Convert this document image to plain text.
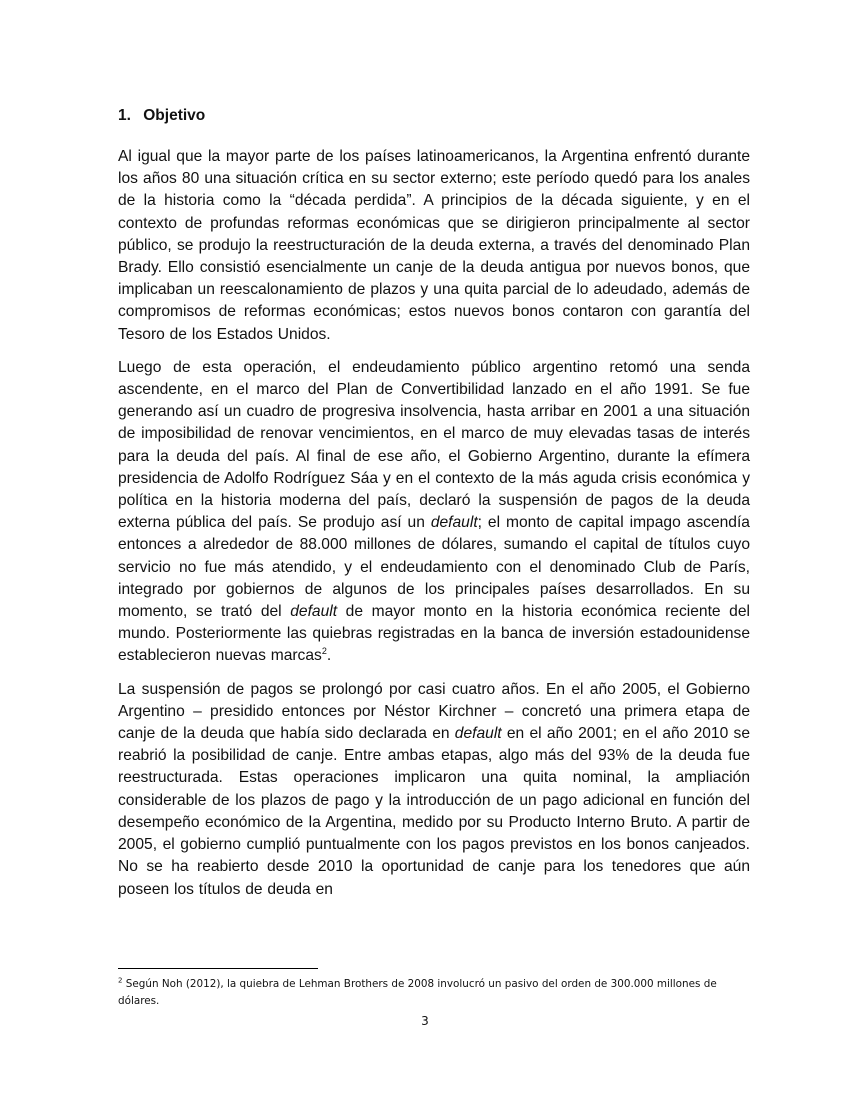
1. Objetivo

Al igual que la mayor parte de los países latinoamericanos, la Argentina enfrentó durante los años 80 una situación crítica en su sector externo; este período quedó para los anales de la historia como la “década perdida”. A principios de la década siguiente, y en el contexto de profundas reformas económicas que se dirigieron principalmente al sector público, se produjo la reestructuración de la deuda externa, a través del denominado Plan Brady. Ello consistió esencialmente un canje de la deuda antigua por nuevos bonos, que implicaban un reescalonamiento de plazos y una quita parcial de lo adeudado, además de compromisos de reformas económicas; estos nuevos bonos contaron con garantía del Tesoro de los Estados Unidos.

Luego de esta operación, el endeudamiento público argentino retomó una senda ascendente, en el marco del Plan de Convertibilidad lanzado en el año 1991. Se fue generando así un cuadro de progresiva insolvencia, hasta arribar en 2001 a una situación de imposibilidad de renovar vencimientos, en el marco de muy elevadas tasas de interés para la deuda del país. Al final de ese año, el Gobierno Argentino, durante la efímera presidencia de Adolfo Rodríguez Sáa y en el contexto de la más aguda crisis económica y política en la historia moderna del país, declaró la suspensión de pagos de la deuda externa pública del país. Se produjo así un default; el monto de capital impago ascendía entonces a alrededor de 88.000 millones de dólares, sumando el capital de títulos cuyo servicio no fue más atendido, y el endeudamiento con el denominado Club de París, integrado por gobiernos de algunos de los principales países desarrollados. En su momento, se trató del default de mayor monto en la historia económica reciente del mundo. Posteriormente las quiebras registradas en la banca de inversión estadounidense establecieron nuevas marcas$^2$.

La suspensión de pagos se prolongó por casi cuatro años. En el año 2005, el Gobierno Argentino – presidido entonces por Néstor Kirchner – concretó una primera etapa de canje de la deuda que había sido declarada en default en el año 2001; en el año 2010 se reabrió la posibilidad de canje. Entre ambas etapas, algo más del 93% de la deuda fue reestructurada. Estas operaciones implicaron una quita nominal, la ampliación considerable de los plazos de pago y la introducción de un pago adicional en función del desempeño económico de la Argentina, medido por su Producto Interno Bruto. A partir de 2005, el gobierno cumplió puntualmente con los pagos previstos en los bonos canjeados. No se ha reabierto desde 2010 la oportunidad de canje para los tenedores que aún poseen los títulos de deuda en

$^2$ Según Noh (2012), la quiebra de Lehman Brothers de 2008 involucró un pasivo del orden de 300.000 millones de dólares.
3
